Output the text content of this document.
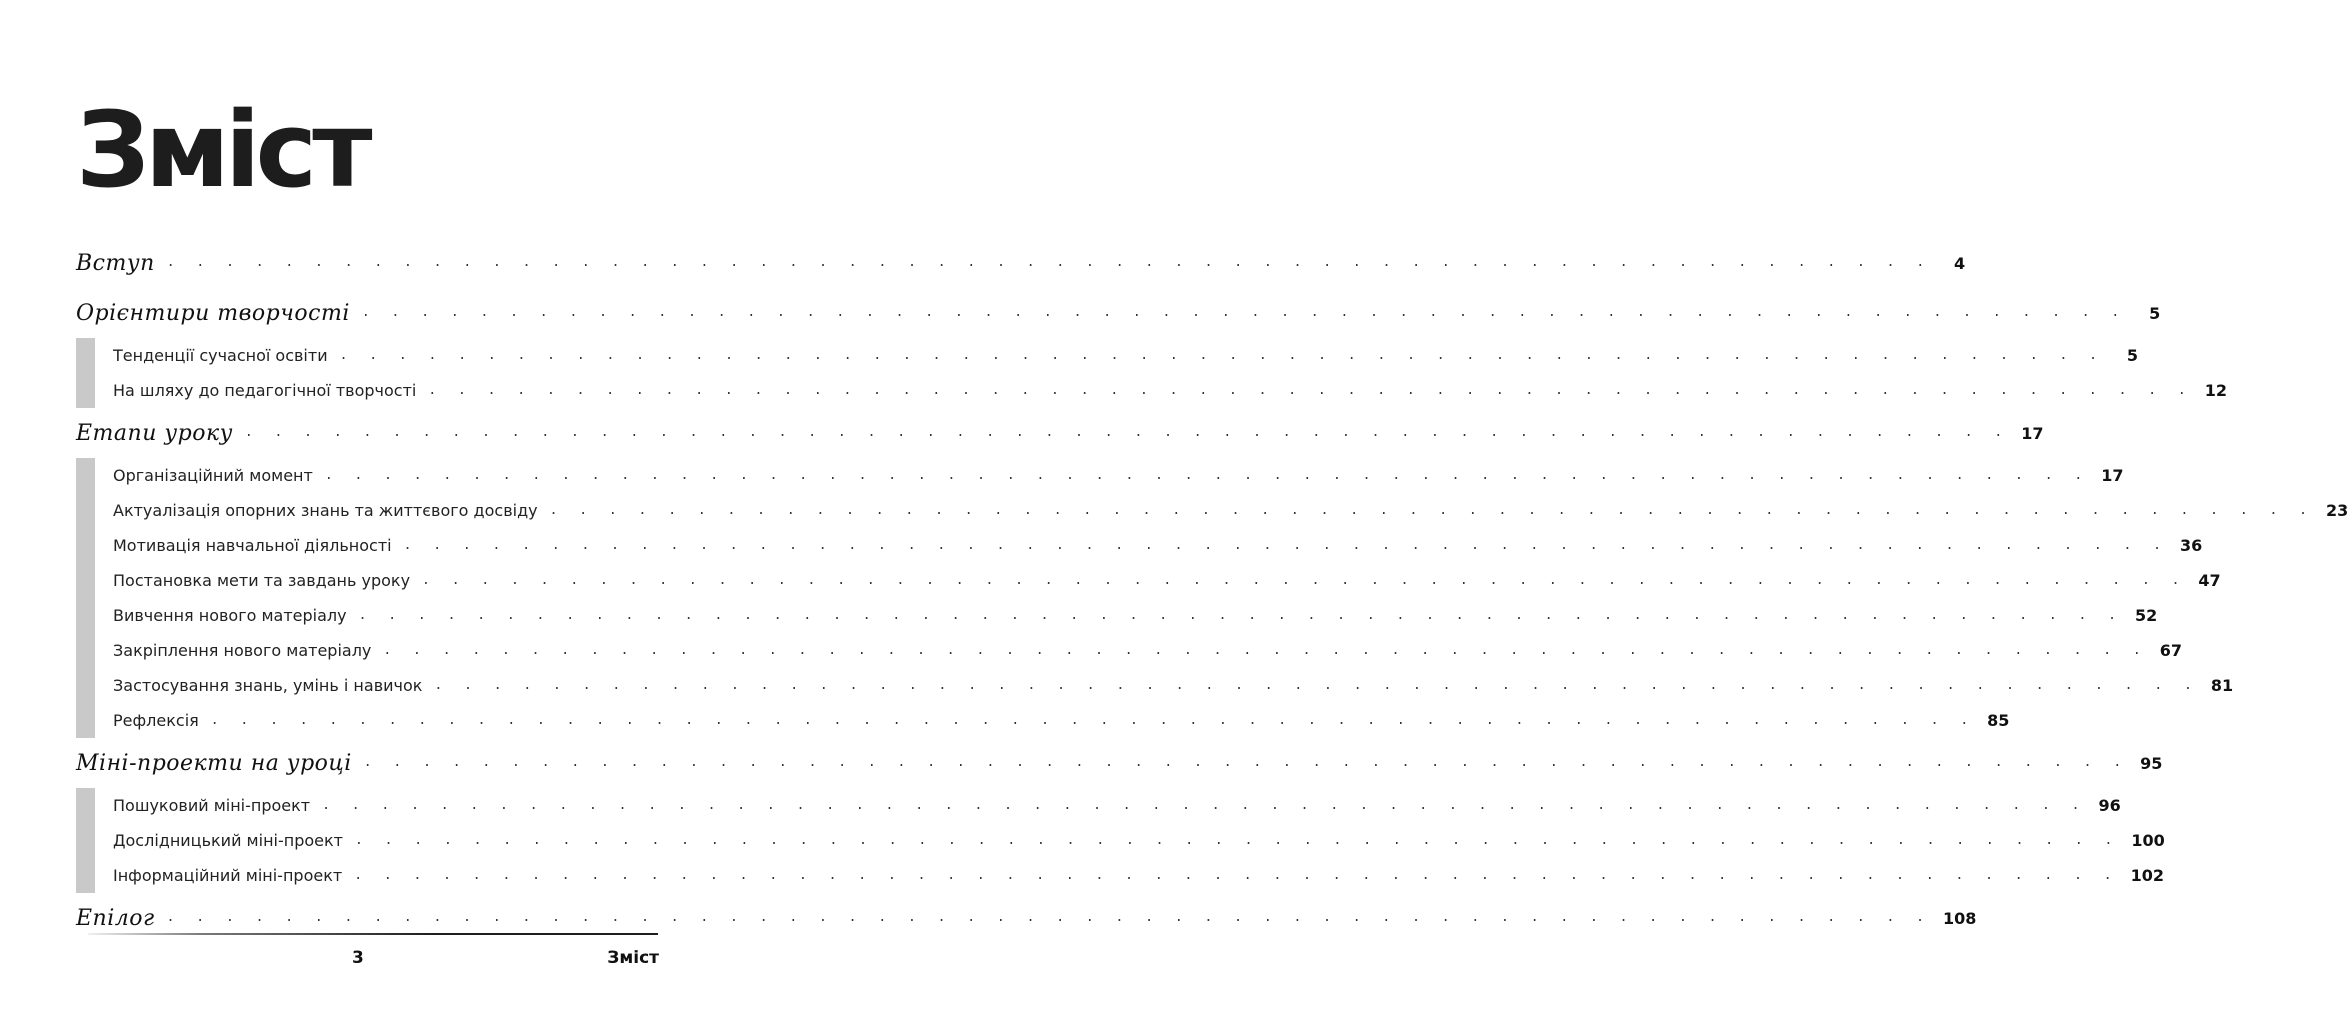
Зміст
Вступ . . . . . . . . . . . . . . . . . . . . . . . . . . . . . . . . . . . . . . . . . . . . . . . . . . . . . . . . . . . .	4
Орієнтири творчості . . . . . . . . . . . . . . . . . . . . . . . . . . . . . . . . . . . . . . . . . . . . . . . . . . . . . . . . . . . .	5
Тенденції сучасної освіти . . . . . . . . . . . . . . . . . . . . . . . . . . . . . . . . . . . . . . . . . . . . . . . . . . . . . . . . . . . .	5
На шляху до педагогічної творчості . . . . . . . . . . . . . . . . . . . . . . . . . . . . . . . . . . . . . . . . . . . . . . . . . . . . . . . . . . . . 12
Етапи уроку . . . . . . . . . . . . . . . . . . . . . . . . . . . . . . . . . . . . . . . . . . . . . . . . . . . . . . . . . . . . 17
Організаційний момент . . . . . . . . . . . . . . . . . . . . . . . . . . . . . . . . . . . . . . . . . . . . . . . . . . . . . . . . . . . . 17
Актуалізація опорних знань та життєвого досвіду . . . . . . . . . . . . . . . . . . . . . . . . . . . . . . . . . . . . . . . . . . . . . . . . . . . . . . . . . . . . 23
Мотивація навчальної діяльності . . . . . . . . . . . . . . . . . . . . . . . . . . . . . . . . . . . . . . . . . . . . . . . . . . . . . . . . . . . . 36
Постановка мети та завдань уроку . . . . . . . . . . . . . . . . . . . . . . . . . . . . . . . . . . . . . . . . . . . . . . . . . . . . . . . . . . . . 47
Вивчення нового матеріалу . . . . . . . . . . . . . . . . . . . . . . . . . . . . . . . . . . . . . . . . . . . . . . . . . . . . . . . . . . . . 52
Закріплення нового матеріалу . . . . . . . . . . . . . . . . . . . . . . . . . . . . . . . . . . . . . . . . . . . . . . . . . . . . . . . . . . . . 67
Застосування знань, умінь і навичок . . . . . . . . . . . . . . . . . . . . . . . . . . . . . . . . . . . . . . . . . . . . . . . . . . . . . . . . . . . . 81
Рефлексія . . . . . . . . . . . . . . . . . . . . . . . . . . . . . . . . . . . . . . . . . . . . . . . . . . . . . . . . . . . . 85
Міні-проекти на уроці . . . . . . . . . . . . . . . . . . . . . . . . . . . . . . . . . . . . . . . . . . . . . . . . . . . . . . . . . . . . 95
Пошуковий міні-проект . . . . . . . . . . . . . . . . . . . . . . . . . . . . . . . . . . . . . . . . . . . . . . . . . . . . . . . . . . . . 96
Дослідницький міні-проект . . . . . . . . . . . . . . . . . . . . . . . . . . . . . . . . . . . . . . . . . . . . . . . . . . . . . . . . . . . . 100
Інформаційний міні-проект . . . . . . . . . . . . . . . . . . . . . . . . . . . . . . . . . . . . . . . . . . . . . . . . . . . . . . . . . . . . 102
Епілог . . . . . . . . . . . . . . . . . . . . . . . . . . . . . . . . . . . . . . . . . . . . . . . . . . . . . . . . . . . . 108
3	Зміст
